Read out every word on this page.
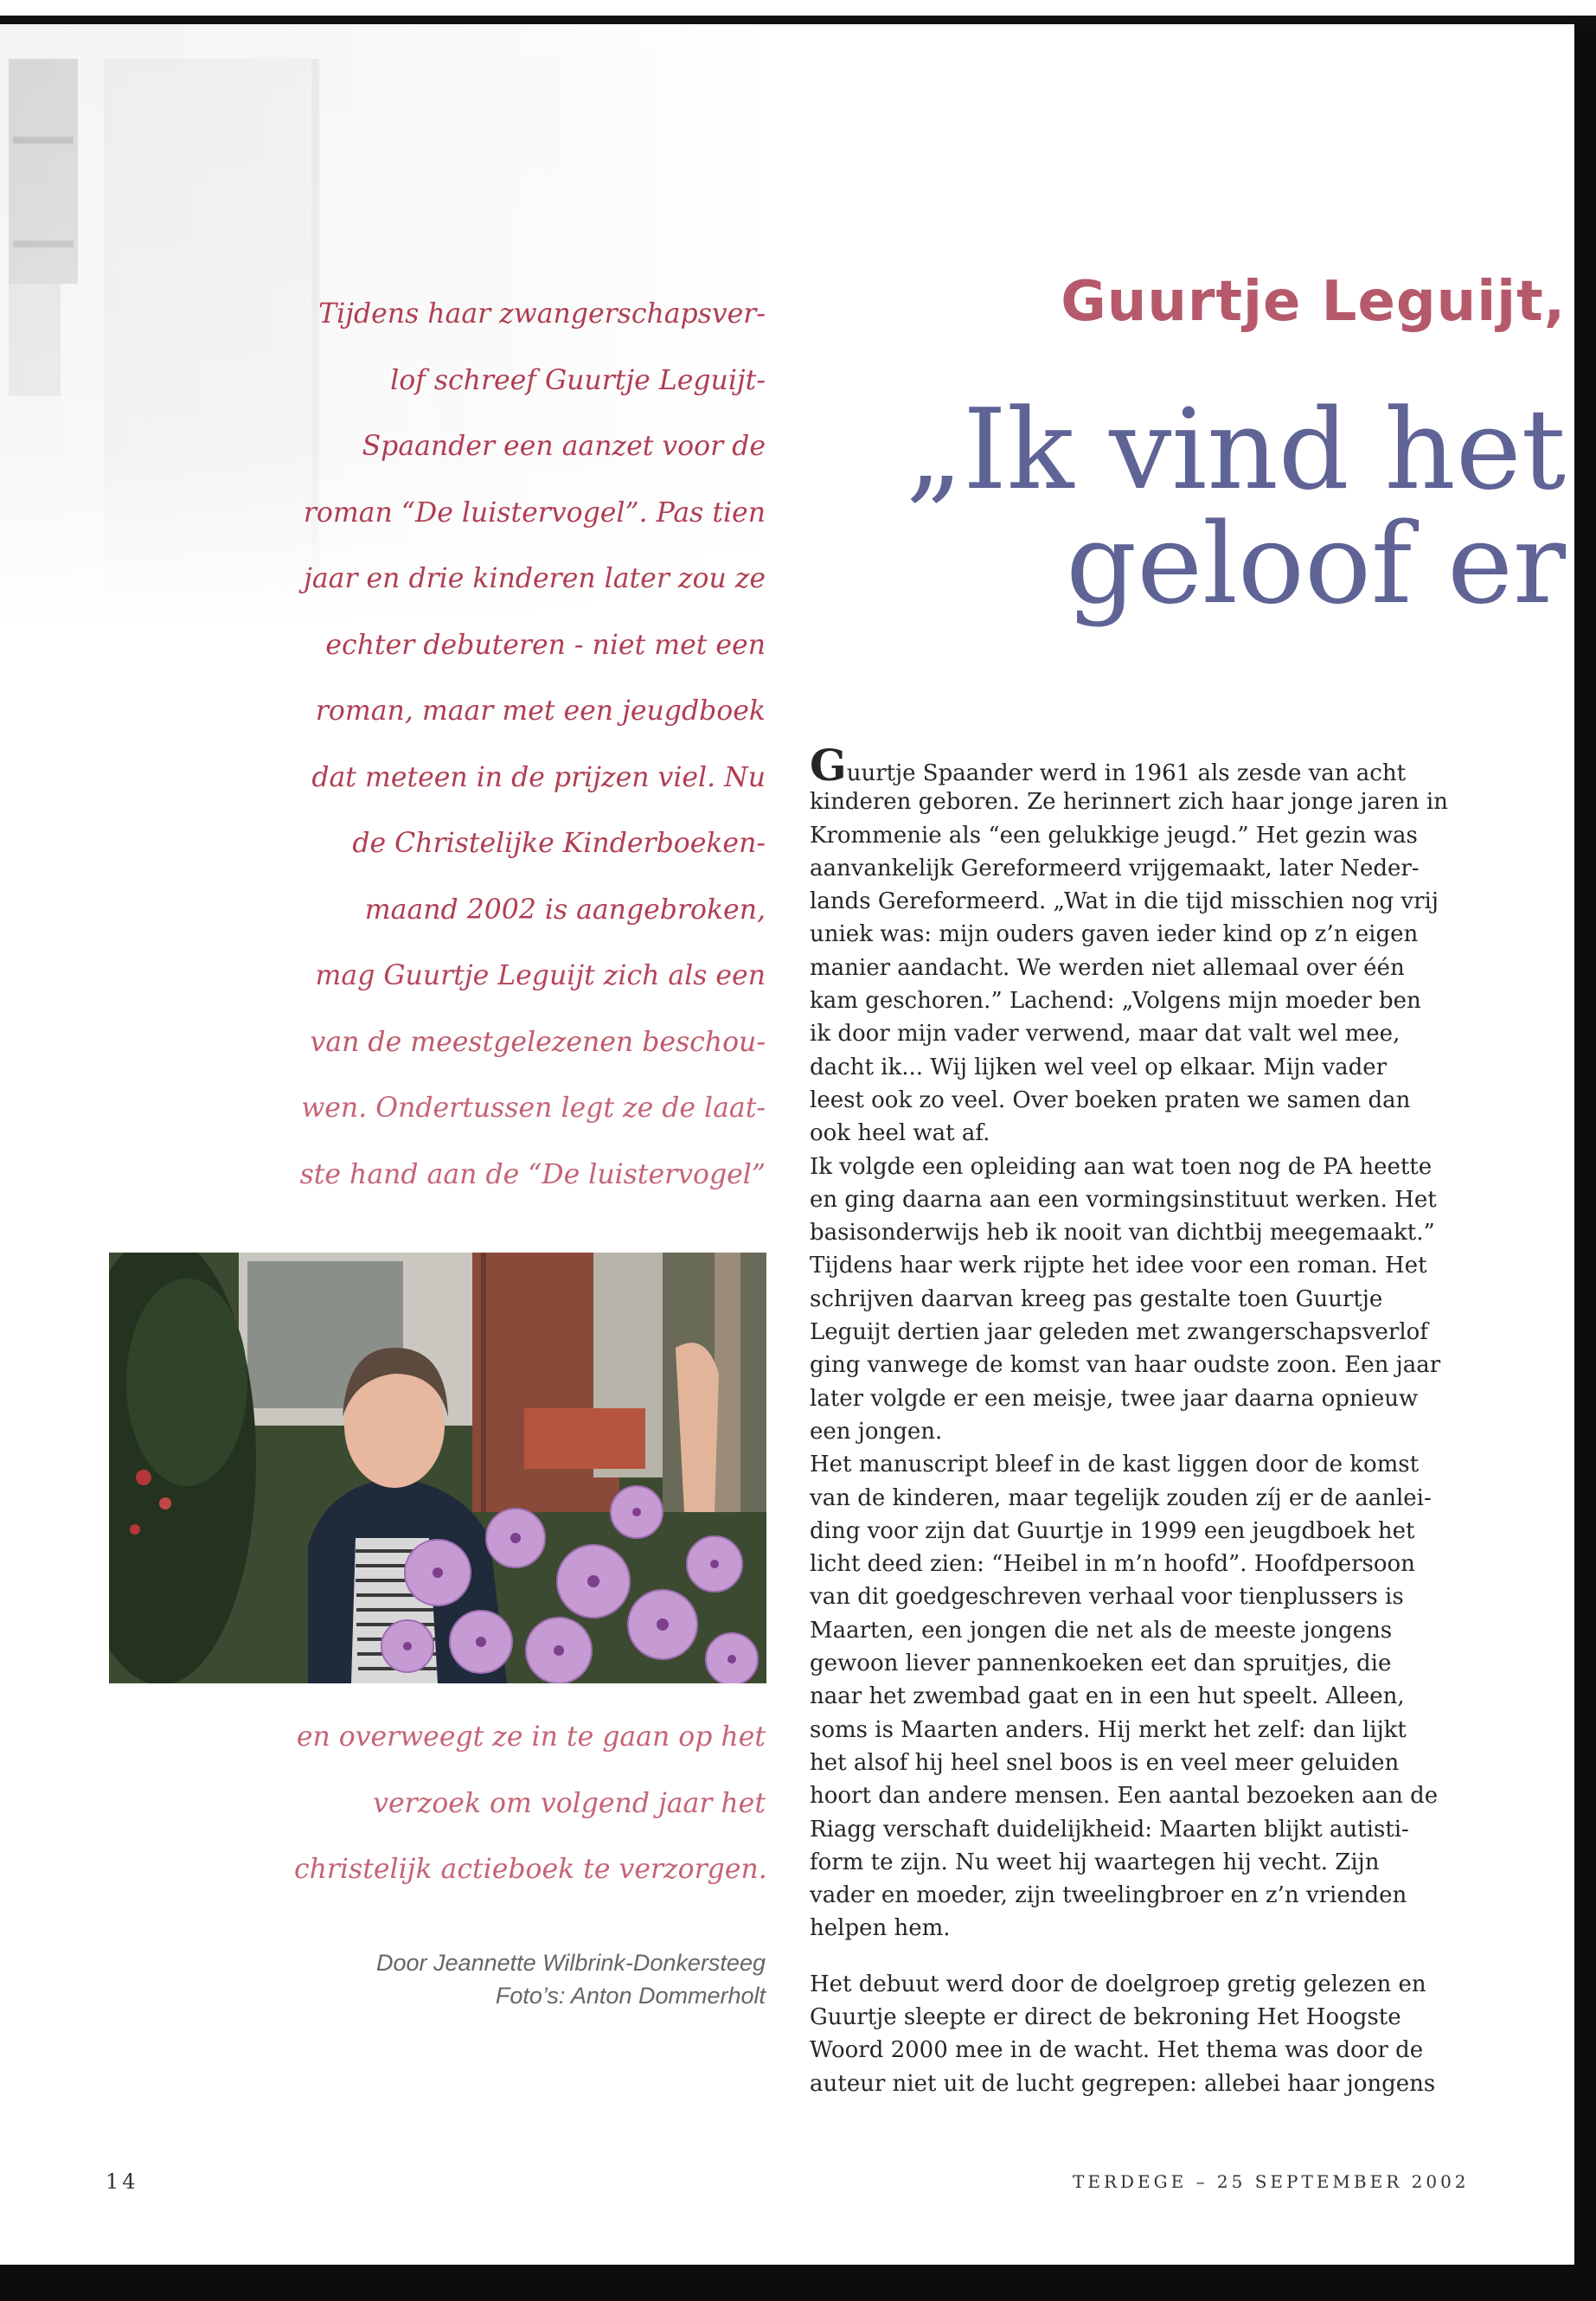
Guurtje Leguijt,
„Ik vind het
geloof er
Tijdens haar zwangerschapsver-
lof schreef Guurtje Leguijt-
Spaander een aanzet voor de
roman “De luistervogel”. Pas tien
jaar en drie kinderen later zou ze
echter debuteren - niet met een
roman, maar met een jeugdboek
dat meteen in de prijzen viel. Nu
de Christelijke Kinderboeken-
maand 2002 is aangebroken,
mag Guurtje Leguijt zich als een
van de meestgelezenen beschou-
wen. Ondertussen legt ze de laat-
ste hand aan de “De luistervogel”
en overweegt ze in te gaan op het
verzoek om volgend jaar het
christelijk actieboek te verzorgen.
Door Jeannette Wilbrink-Donkersteeg
Foto’s: Anton Dommerholt
Guurtje Spaander werd in 1961 als zesde van acht
kinderen geboren. Ze herinnert zich haar jonge jaren in
Krommenie als “een gelukkige jeugd.” Het gezin was
aanvankelijk Gereformeerd vrijgemaakt, later Neder-
lands Gereformeerd. „Wat in die tijd misschien nog vrij
uniek was: mijn ouders gaven ieder kind op z’n eigen
manier aandacht. We werden niet allemaal over één
kam geschoren.” Lachend: „Volgens mijn moeder ben
ik door mijn vader verwend, maar dat valt wel mee,
dacht ik... Wij lijken wel veel op elkaar. Mijn vader
leest ook zo veel. Over boeken praten we samen dan
ook heel wat af.
Ik volgde een opleiding aan wat toen nog de PA heette
en ging daarna aan een vormingsinstituut werken. Het
basisonderwijs heb ik nooit van dichtbij meegemaakt.”
Tijdens haar werk rijpte het idee voor een roman. Het
schrijven daarvan kreeg pas gestalte toen Guurtje
Leguijt dertien jaar geleden met zwangerschapsverlof
ging vanwege de komst van haar oudste zoon. Een jaar
later volgde er een meisje, twee jaar daarna opnieuw
een jongen.
Het manuscript bleef in de kast liggen door de komst
van de kinderen, maar tegelijk zouden zíj er de aanlei-
ding voor zijn dat Guurtje in 1999 een jeugdboek het
licht deed zien: “Heibel in m’n hoofd”. Hoofdpersoon
van dit goedgeschreven verhaal voor tienplussers is
Maarten, een jongen die net als de meeste jongens
gewoon liever pannenkoeken eet dan spruitjes, die
naar het zwembad gaat en in een hut speelt. Alleen,
soms is Maarten anders. Hij merkt het zelf: dan lijkt
het alsof hij heel snel boos is en veel meer geluiden
hoort dan andere mensen. Een aantal bezoeken aan de
Riagg verschaft duidelijkheid: Maarten blijkt autisti-
form te zijn. Nu weet hij waartegen hij vecht. Zijn
vader en moeder, zijn tweelingbroer en z’n vrienden
helpen hem.
Het debuut werd door de doelgroep gretig gelezen en
Guurtje sleepte er direct de bekroning Het Hoogste
Woord 2000 mee in de wacht. Het thema was door de
auteur niet uit de lucht gegrepen: allebei haar jongens
14	TERDEGE – 25 SEPTEMBER 2002
